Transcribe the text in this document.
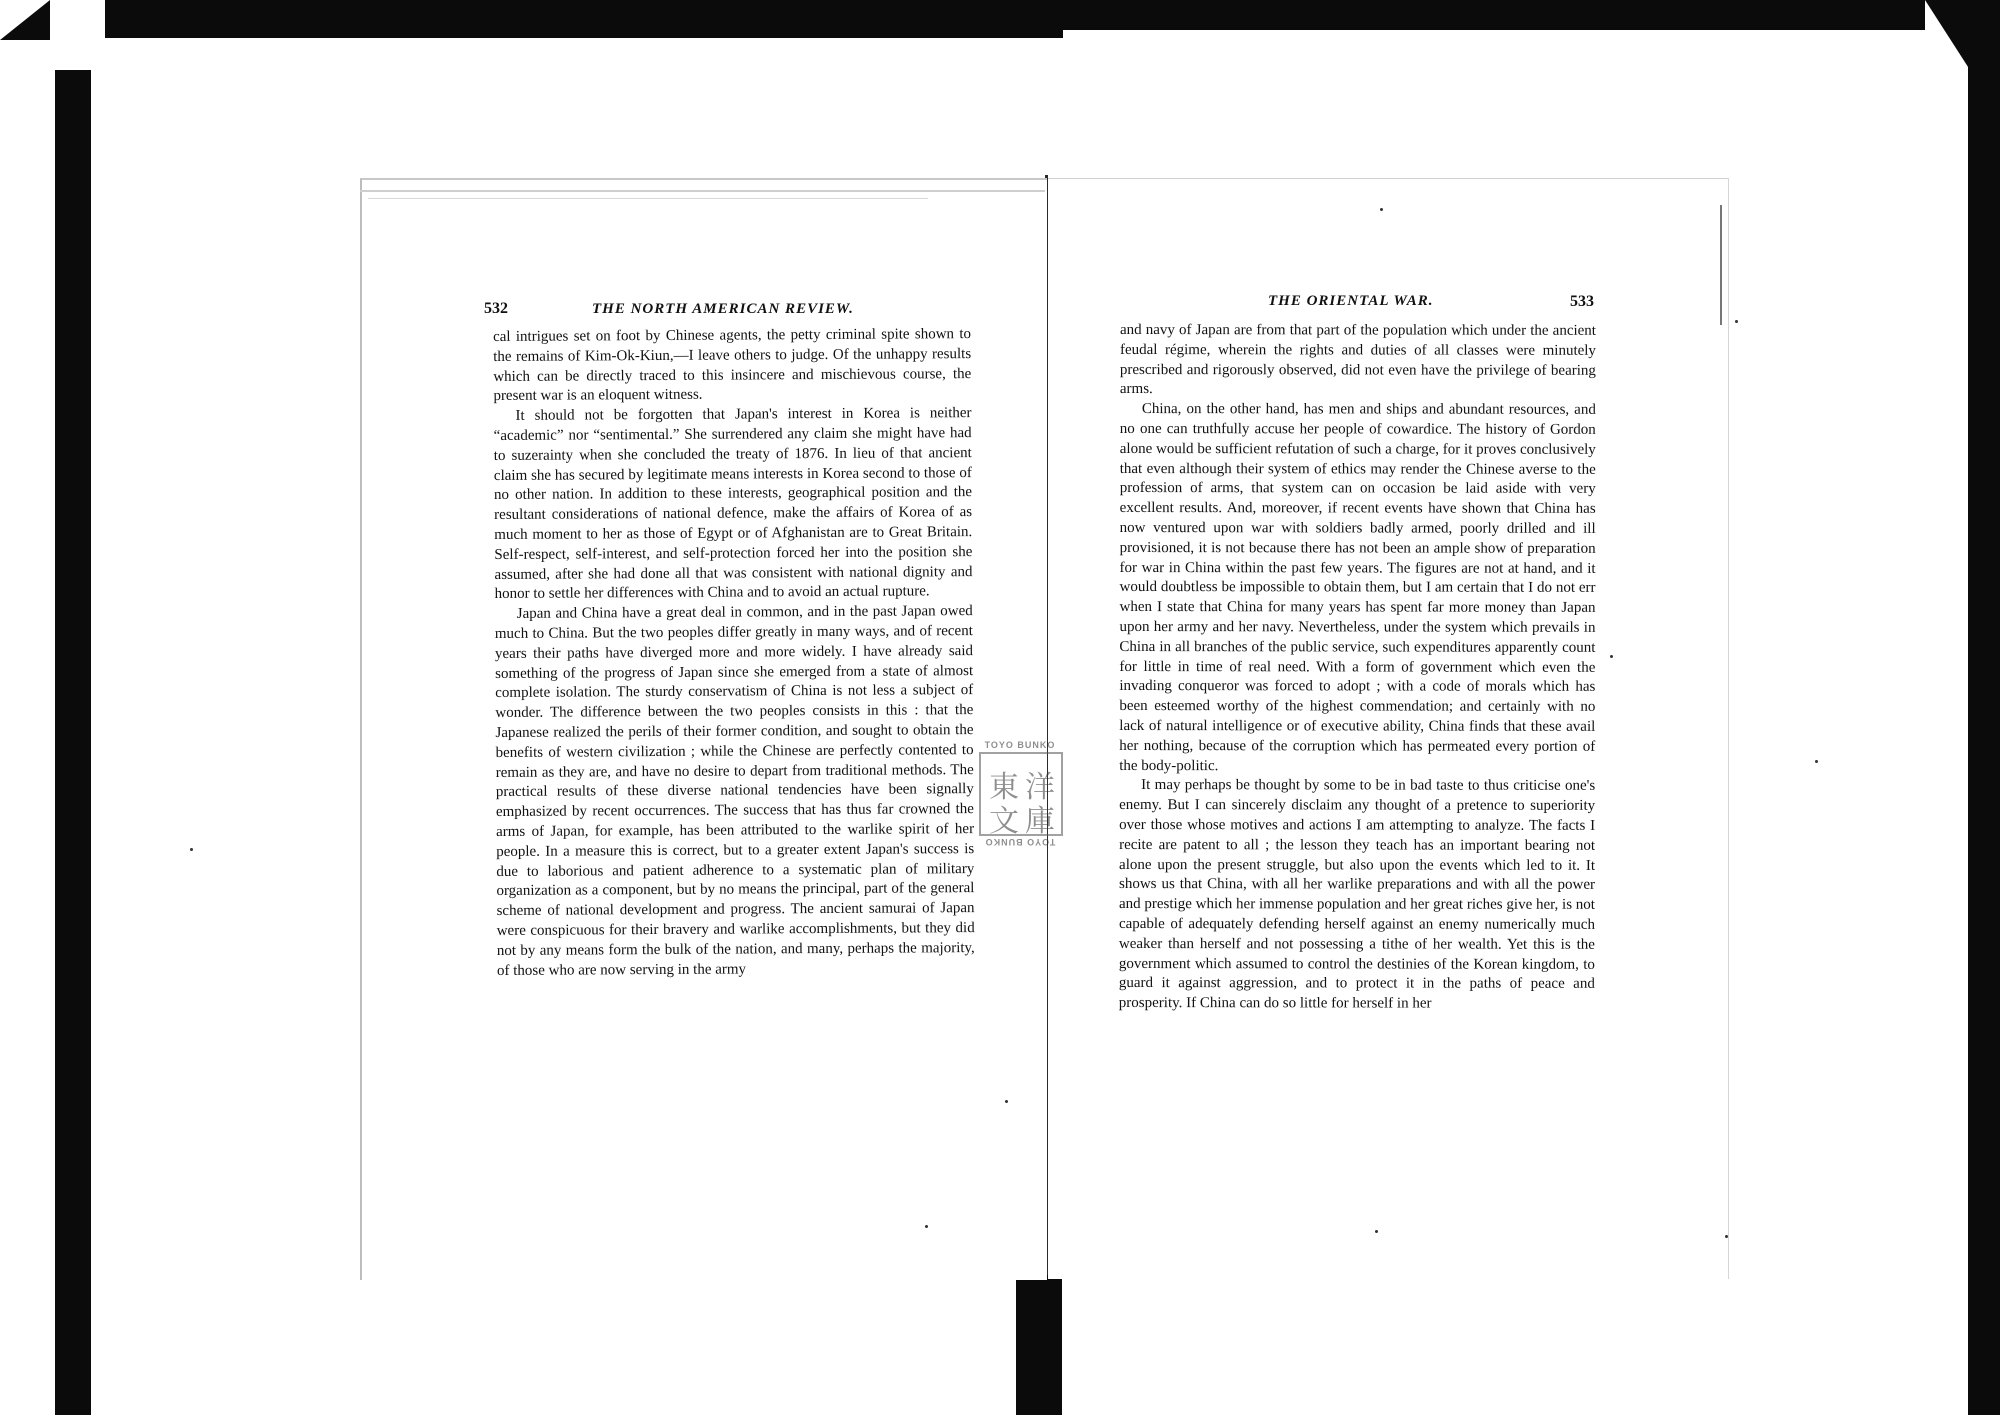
532	THE NORTH AMERICAN REVIEW.

cal intrigues set on foot by Chinese agents, the petty criminal spite shown to the remains of Kim-Ok-Kiun,—I leave others to judge. Of the unhappy results which can be directly traced to this insincere and mischievous course, the present war is an eloquent witness.

It should not be forgotten that Japan's interest in Korea is neither “academic” nor “sentimental.” She surrendered any claim she might have had to suzerainty when she concluded the treaty of 1876. In lieu of that ancient claim she has secured by legitimate means interests in Korea second to those of no other nation. In addition to these interests, geographical position and the resultant considerations of national defence, make the affairs of Korea of as much moment to her as those of Egypt or of Afghanistan are to Great Britain. Self-respect, self-interest, and self-protection forced her into the position she assumed, after she had done all that was consistent with national dignity and honor to settle her differences with China and to avoid an actual rupture.

Japan and China have a great deal in common, and in the past Japan owed much to China. But the two peoples differ greatly in many ways, and of recent years their paths have diverged more and more widely. I have already said something of the progress of Japan since she emerged from a state of almost complete isolation. The sturdy conservatism of China is not less a subject of wonder. The difference between the two peoples consists in this : that the Japanese realized the perils of their former condition, and sought to obtain the benefits of western civilization ; while the Chinese are perfectly contented to remain as they are, and have no desire to depart from traditional methods. The practical results of these diverse national tendencies have been signally emphasized by recent occurrences. The success that has thus far crowned the arms of Japan, for example, has been attributed to the warlike spirit of her people. In a measure this is correct, but to a greater extent Japan's success is due to laborious and patient adherence to a systematic plan of military organization as a component, but by no means the principal, part of the general scheme of national development and progress. The ancient samurai of Japan were conspicuous for their bravery and warlike accomplishments, but they did not by any means form the bulk of the nation, and many, perhaps the majority, of those who are now serving in the army

THE ORIENTAL WAR.	533

and navy of Japan are from that part of the population which under the ancient feudal régime, wherein the rights and duties of all classes were minutely prescribed and rigorously observed, did not even have the privilege of bearing arms.

China, on the other hand, has men and ships and abundant resources, and no one can truthfully accuse her people of cowardice. The history of Gordon alone would be sufficient refutation of such a charge, for it proves conclusively that even although their system of ethics may render the Chinese averse to the profession of arms, that system can on occasion be laid aside with very excellent results. And, moreover, if recent events have shown that China has now ventured upon war with soldiers badly armed, poorly drilled and ill provisioned, it is not because there has not been an ample show of preparation for war in China within the past few years. The figures are not at hand, and it would doubtless be impossible to obtain them, but I am certain that I do not err when I state that China for many years has spent far more money than Japan upon her army and her navy. Nevertheless, under the system which prevails in China in all branches of the public service, such expenditures apparently count for little in time of real need. With a form of government which even the invading conqueror was forced to adopt ; with a code of morals which has been esteemed worthy of the highest commendation; and certainly with no lack of natural intelligence or of executive ability, China finds that these avail her nothing, because of the corruption which has permeated every portion of the body-politic.

It may perhaps be thought by some to be in bad taste to thus criticise one's enemy. But I can sincerely disclaim any thought of a pretence to superiority over those whose motives and actions I am attempting to analyze. The facts I recite are patent to all ; the lesson they teach has an important bearing not alone upon the present struggle, but also upon the events which led to it. It shows us that China, with all her warlike preparations and with all the power and prestige which her immense population and her great riches give her, is not capable of adequately defending herself against an enemy numerically much weaker than herself and not possessing a tithe of her wealth. Yet this is the government which assumed to control the destinies of the Korean kingdom, to guard it against aggression, and to protect it in the paths of peace and prosperity. If China can do so little for herself in her

TOYO BUNKO
東 洋
文 庫
TOYO BUNKO
